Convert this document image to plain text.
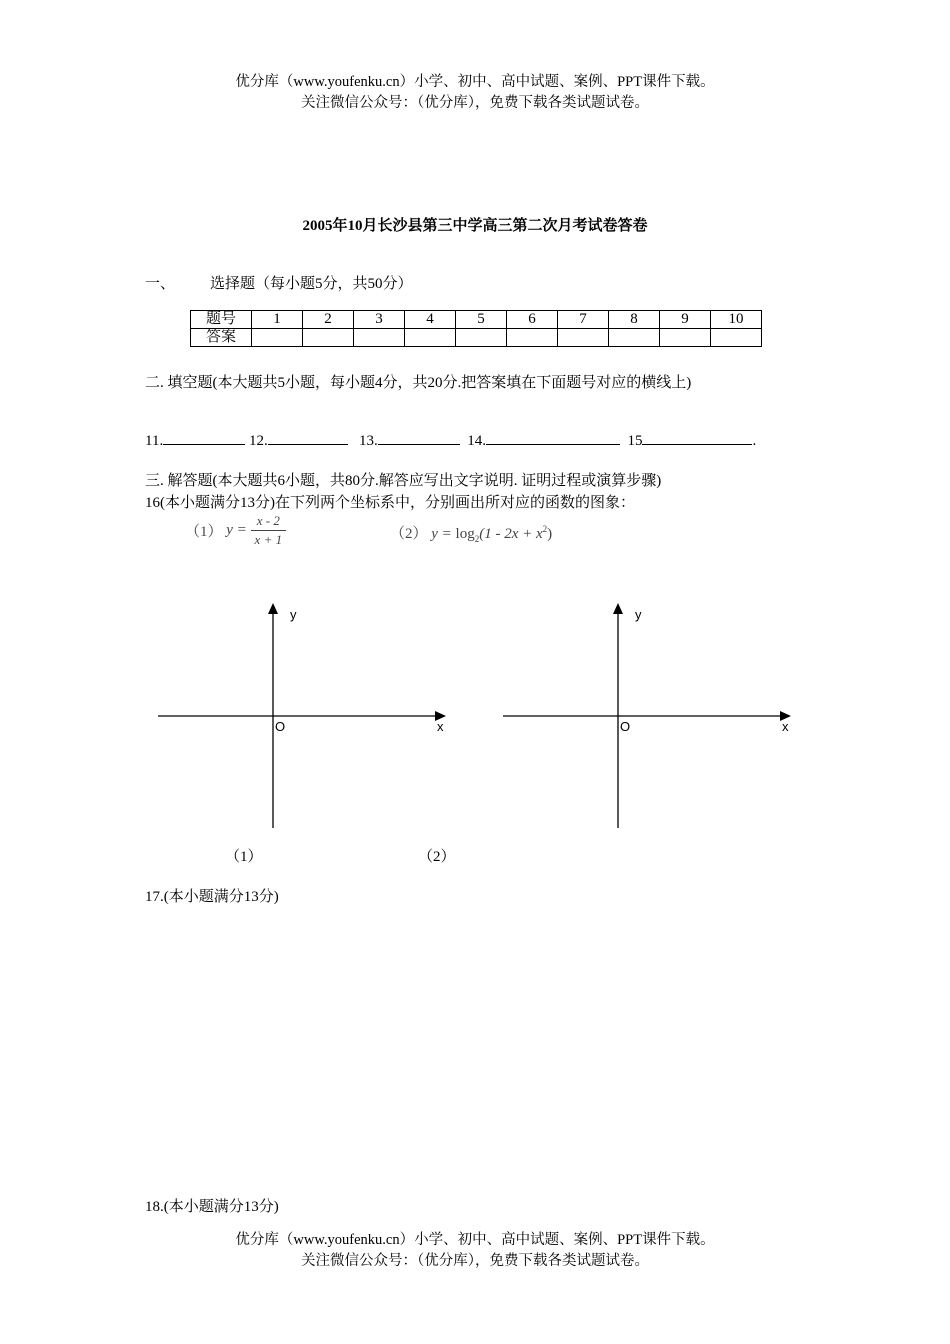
优分库（www.youfenku.cn）小学、初中、高中试题、案例、PPT课件下载。
关注微信公众号：（优分库），免费下载各类试题试卷。
2005年10月长沙县第三中学高三第二次月考试卷答卷
一、 选择题（每小题5分，共50分）
题号	1	2	3	4	5	6	7	8	9	10
答案										
二. 填空题(本大题共5小题，每小题4分，共20分.把答案填在下面题号对应的横线上)
11.	12.	13.	14.	15	.
三. 解答题(本大题共6小题，共80分.解答应写出文字说明. 证明过程或演算步骤)
16(本小题满分13分)在下列两个坐标系中，分别画出所对应的函数的图象：
（1） $y = \frac{x - 2}{x + 1}$	（2） $y = \log_2(1 - 2x + x^2)$
y
x
O
y
x
O
（1）	（2）
17.(本小题满分13分)
18.(本小题满分13分)
优分库（www.youfenku.cn）小学、初中、高中试题、案例、PPT课件下载。
关注微信公众号：（优分库），免费下载各类试题试卷。
